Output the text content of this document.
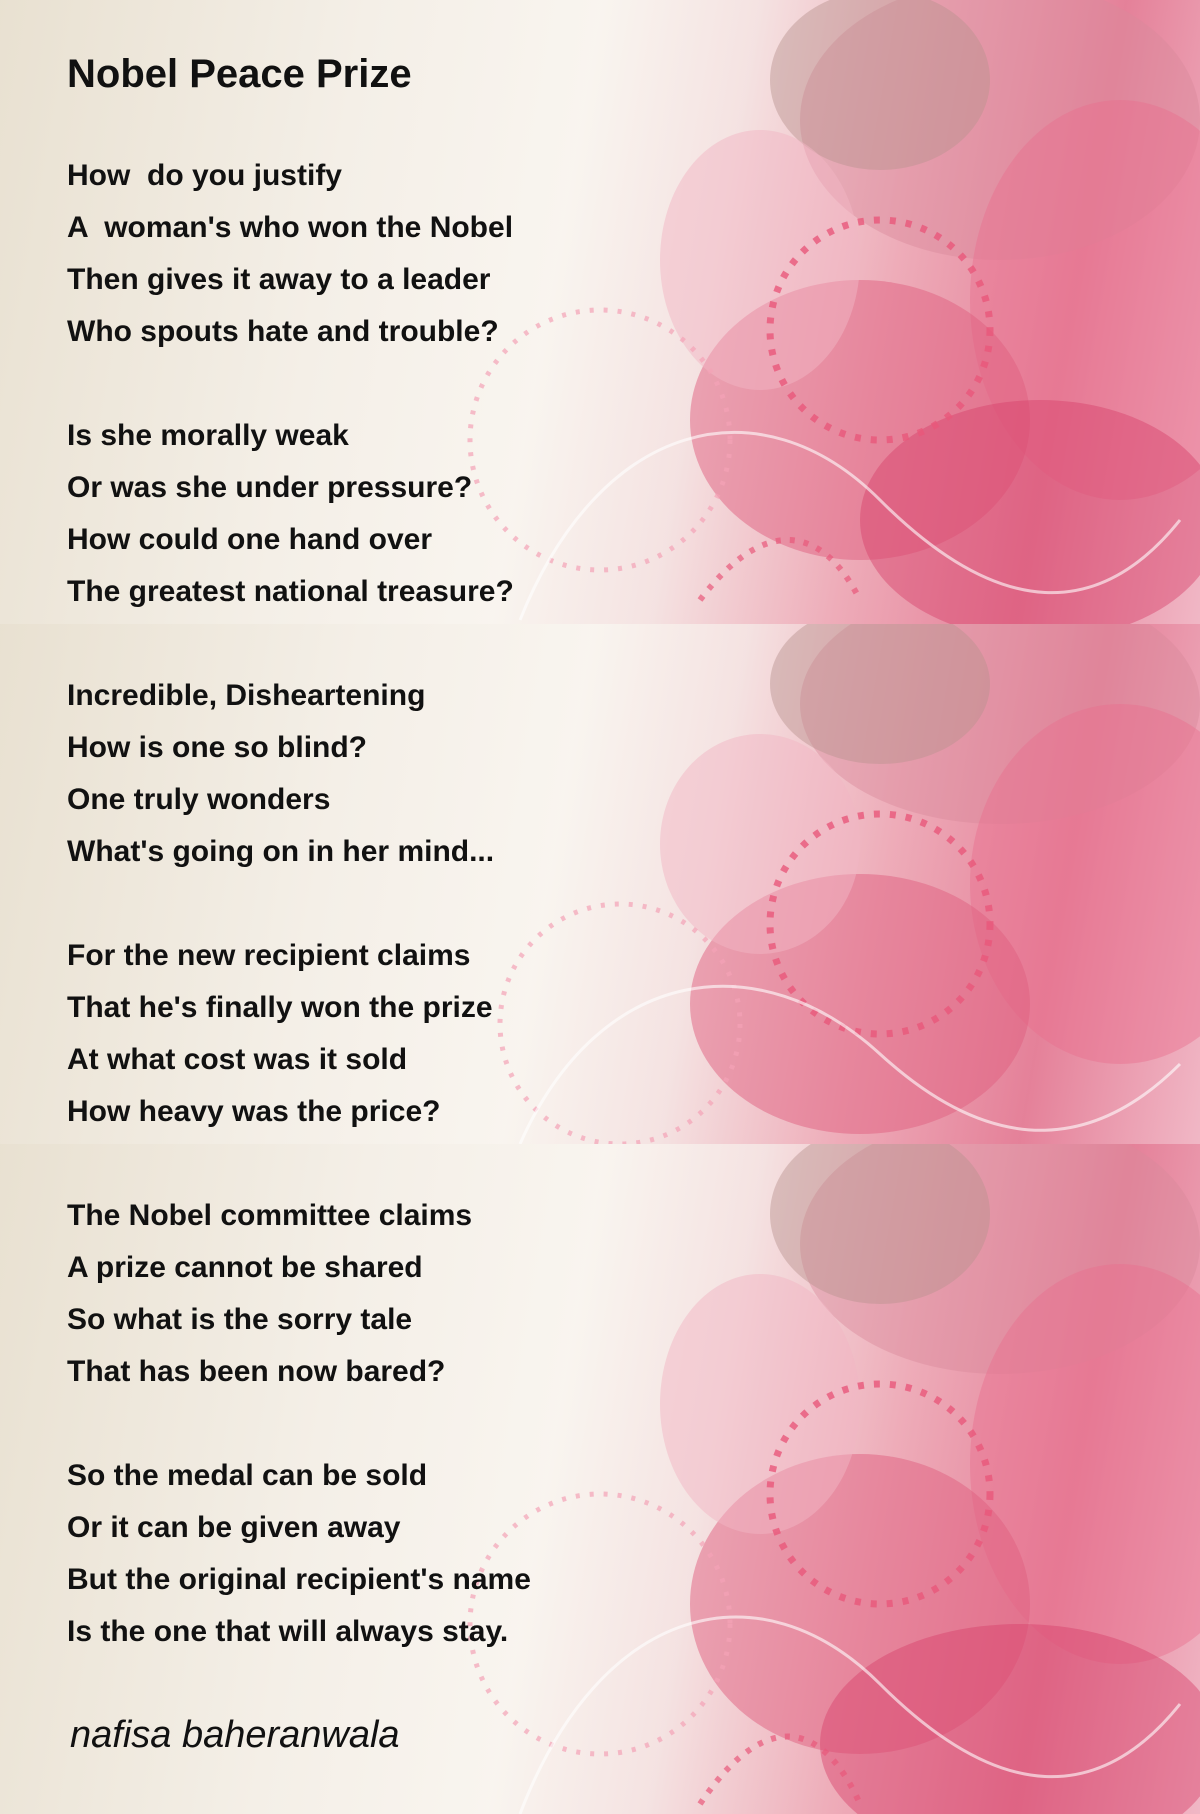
Nobel Peace Prize
How  do you justify
A  woman's who won the Nobel
Then gives it away to a leader
Who spouts hate and trouble?
Is she morally weak
Or was she under pressure?
How could one hand over
The greatest national treasure?
Incredible, Disheartening
How is one so blind?
One truly wonders
What's going on in her mind...
For the new recipient claims
That he's finally won the prize
At what cost was it sold
How heavy was the price?
The Nobel committee claims
A prize cannot be shared
So what is the sorry tale
That has been now bared?
So the medal can be sold
Or it can be given away
But the original recipient's name
Is the one that will always stay.

nafisa baheranwala
